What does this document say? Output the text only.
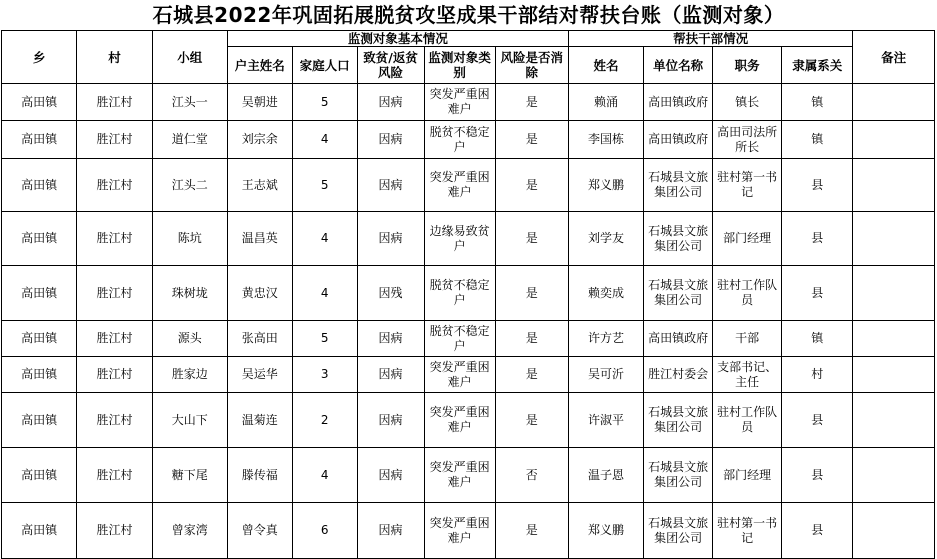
石城县2022年巩固拓展脱贫攻坚成果干部结对帮扶台账（监测对象）
乡	村	小组	监测对象基本情况					帮扶干部情况				备注
			户主姓名	家庭人口	致贫/返贫风险	监测对象类别	风险是否消除	姓名	单位名称	职务	隶属系关	
高田镇	胜江村	江头一	吴朝进	5	因病	突发严重困难户	是	赖涌	高田镇政府	镇长	镇	
高田镇	胜江村	道仁堂	刘宗余	4	因病	脱贫不稳定户	是	李国栋	高田镇政府	高田司法所所长	镇	
高田镇	胜江村	江头二	王志斌	5	因病	突发严重困难户	是	郑义鹏	石城县文旅集团公司	驻村第一书记	县	
高田镇	胜江村	陈坑	温昌英	4	因病	边缘易致贫户	是	刘学友	石城县文旅集团公司	部门经理	县	
高田镇	胜江村	珠树垅	黄忠汉	4	因残	脱贫不稳定户	是	赖奕成	石城县文旅集团公司	驻村工作队员	县	
高田镇	胜江村	源头	张高田	5	因病	脱贫不稳定户	是	许方艺	高田镇政府	干部	镇	
高田镇	胜江村	胜家边	吴运华	3	因病	突发严重困难户	是	吴可沂	胜江村委会	支部书记、主任	村	
高田镇	胜江村	大山下	温菊连	2	因病	突发严重困难户	是	许淑平	石城县文旅集团公司	驻村工作队员	县	
高田镇	胜江村	糖下尾	滕传福	4	因病	突发严重困难户	否	温子恩	石城县文旅集团公司	部门经理	县	
高田镇	胜江村	曾家湾	曾令真	6	因病	突发严重困难户	是	郑义鹏	石城县文旅集团公司	驻村第一书记	县	
